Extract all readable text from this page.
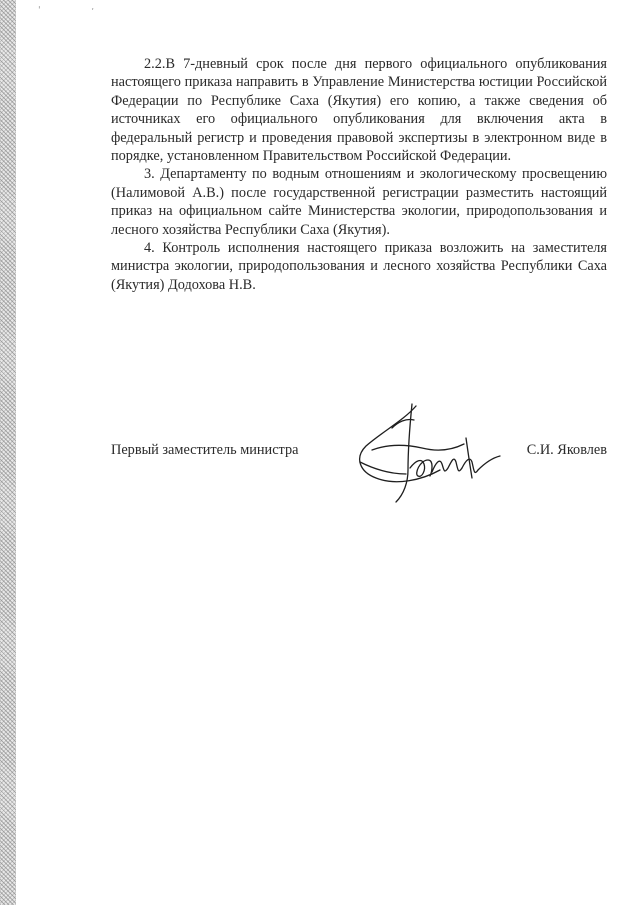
ˈ ˑ

2.2.В 7-дневный срок после дня первого официального опубликования настоящего приказа направить в Управление Министерства юстиции Российской Федерации по Республике Саха (Якутия) его копию, а также сведения об источниках его официального опубликования для включения акта в федеральный регистр и проведения правовой экспертизы в электронном виде в порядке, установленном Правительством Российской Федерации.

3. Департаменту по водным отношениям и экологическому просвещению (Налимовой А.В.) после государственной регистрации разместить настоящий приказ на официальном сайте Министерства экологии, природопользования и лесного хозяйства Республики Саха (Якутия).

4. Контроль исполнения настоящего приказа возложить на заместителя министра экологии, природопользования и лесного хозяйства Республики Саха (Якутия) Додохова Н.В.

Первый заместитель министра	С.И. Яковлев
